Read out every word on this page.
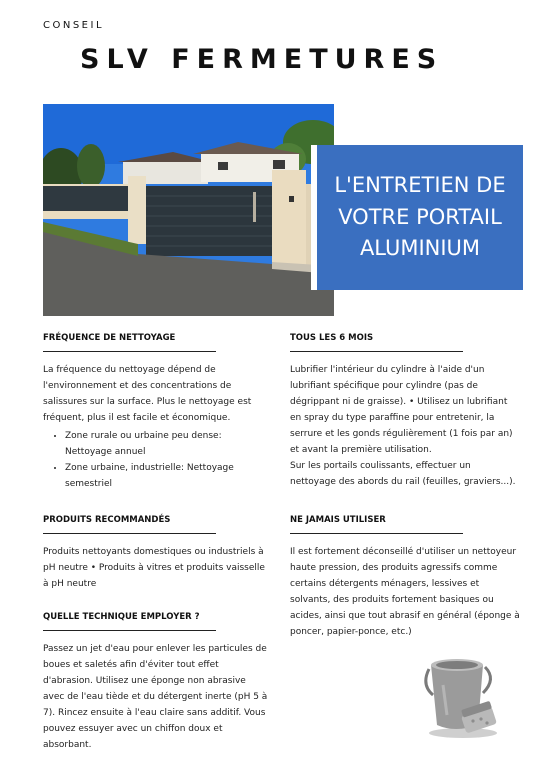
CONSEIL
SLV FERMETURES
L'ENTRETIEN DE
VOTRE PORTAIL
ALUMINIUM
FRÉQUENCE DE NETTOYAGE

La fréquence du nettoyage dépend de l'environnement et des concentrations de salissures sur la surface. Plus le nettoyage est fréquent, plus il est facile et économique.

• Zone rurale ou urbaine peu dense: Nettoyage annuel
• Zone urbaine, industrielle: Nettoyage semestriel
PRODUITS RECOMMANDÉS

Produits nettoyants domestiques ou industriels à pH neutre • Produits à vitres et produits vaisselle à pH neutre

QUELLE TECHNIQUE EMPLOYER ?

Passez un jet d'eau pour enlever les particules de boues et saletés afin d'éviter tout effet d'abrasion. Utilisez une éponge non abrasive avec de l'eau tiède et du détergent inerte (pH 5 à 7). Rincez ensuite à l'eau claire sans additif. Vous pouvez essuyer avec un chiffon doux et absorbant.

TOUS LES 6 MOIS

Lubrifier l'intérieur du cylindre à l'aide d'un lubrifiant spécifique pour cylindre (pas de dégrippant ni de graisse). • Utilisez un lubrifiant en spray du type paraffine pour entretenir, la serrure et les gonds régulièrement (1 fois par an) et avant la première utilisation.

Sur les portails coulissants, effectuer un nettoyage des abords du rail (feuilles, graviers...).

NE JAMAIS UTILISER

Il est fortement déconseillé d'utiliser un nettoyeur haute pression, des produits agressifs comme certains détergents ménagers, lessives et solvants, des produits fortement basiques ou acides, ainsi que tout abrasif en général (éponge à poncer, papier-ponce, etc.)
